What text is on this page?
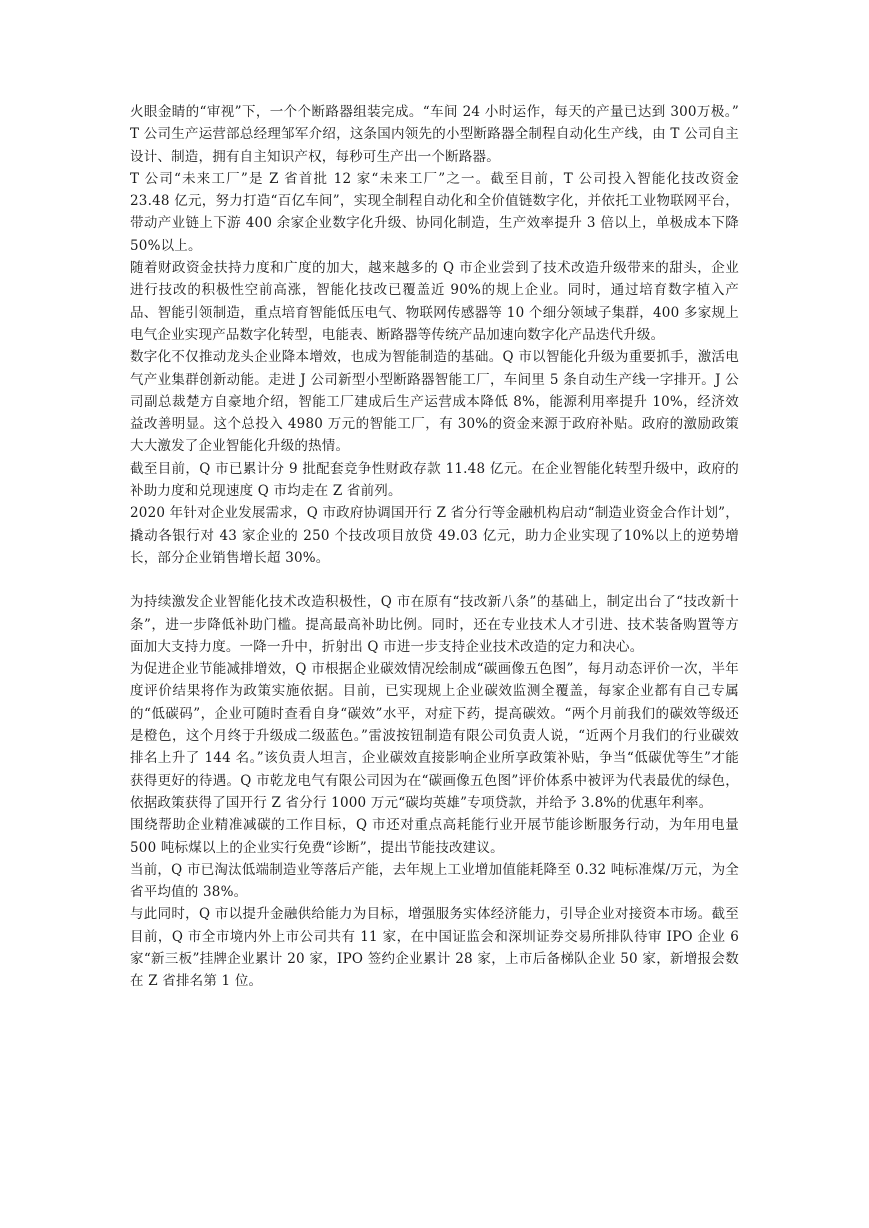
火眼金睛的“审视”下，一个个断路器组装完成。“车间 24 小时运作，每天的产量已达到 300万极。” T 公司生产运营部总经理邹军介绍，这条国内领先的小型断路器全制程自动化生产线，由 T 公司自主设计、制造，拥有自主知识产权，每秒可生产出一个断路器。

T 公司“未来工厂”是 Z 省首批 12 家“未来工厂”之一。截至目前，T 公司投入智能化技改资金 23.48 亿元，努力打造“百亿车间”，实现全制程自动化和全价值链数字化，并依托工业物联网平台，带动产业链上下游 400 余家企业数字化升级、协同化制造，生产效率提升 3 倍以上，单极成本下降 50%以上。

随着财政资金扶持力度和广度的加大，越来越多的 Q 市企业尝到了技术改造升级带来的甜头，企业进行技改的积极性空前高涨，智能化技改已覆盖近 90%的规上企业。同时，通过培育数字植入产品、智能引领制造，重点培育智能低压电气、物联网传感器等 10 个细分领域子集群，400 多家规上电气企业实现产品数字化转型，电能表、断路器等传统产品加速向数字化产品迭代升级。

数字化不仅推动龙头企业降本增效，也成为智能制造的基础。Q 市以智能化升级为重要抓手，激活电气产业集群创新动能。走进 J 公司新型小型断路器智能工厂，车间里 5 条自动生产线一字排开。J 公司副总裁楚方自豪地介绍，智能工厂建成后生产运营成本降低 8%，能源利用率提升 10%，经济效益改善明显。这个总投入 4980 万元的智能工厂，有 30%的资金来源于政府补贴。政府的激励政策大大激发了企业智能化升级的热情。

截至目前，Q 市已累计分 9 批配套竞争性财政存款 11.48 亿元。在企业智能化转型升级中，政府的补助力度和兑现速度 Q 市均走在 Z 省前列。

2020 年针对企业发展需求，Q 市政府协调国开行 Z 省分行等金融机构启动“制造业资金合作计划”，撬动各银行对 43 家企业的 250 个技改项目放贷 49.03 亿元，助力企业实现了10%以上的逆势增长，部分企业销售增长超 30%。

为持续激发企业智能化技术改造积极性，Q 市在原有“技改新八条”的基础上，制定出台了“技改新十条”，进一步降低补助门槛。提高最高补助比例。同时，还在专业技术人才引进、技术装备购置等方面加大支持力度。一降一升中，折射出 Q 市进一步支持企业技术改造的定力和决心。

为促进企业节能减排增效，Q 市根据企业碳效情况绘制成“碳画像五色图”，每月动态评价一次，半年度评价结果将作为政策实施依据。目前，已实现规上企业碳效监测全覆盖，每家企业都有自己专属的“低碳码”，企业可随时查看自身“碳效”水平，对症下药，提高碳效。“两个月前我们的碳效等级还是橙色，这个月终于升级成二级蓝色。”雷波按钮制造有限公司负责人说，“近两个月我们的行业碳效排名上升了 144 名。”该负责人坦言，企业碳效直接影响企业所享政策补贴，争当“低碳优等生”才能获得更好的待遇。Q 市乾龙电气有限公司因为在“碳画像五色图”评价体系中被评为代表最优的绿色，依据政策获得了国开行 Z 省分行 1000 万元“碳均英雄”专项贷款，并给予 3.8%的优惠年利率。

围绕帮助企业精准减碳的工作目标，Q 市还对重点高耗能行业开展节能诊断服务行动，为年用电量 500 吨标煤以上的企业实行免费“诊断”，提出节能技改建议。

当前，Q 市已淘汰低端制造业等落后产能，去年规上工业增加值能耗降至 0.32 吨标准煤/万元，为全省平均值的 38%。

与此同时，Q 市以提升金融供给能力为目标，增强服务实体经济能力，引导企业对接资本市场。截至目前，Q 市全市境内外上市公司共有 11 家，在中国证监会和深圳证券交易所排队待审 IPO 企业 6 家“新三板”挂牌企业累计 20 家，IPO 签约企业累计 28 家，上市后备梯队企业 50 家，新增报会数在 Z 省排名第 1 位。
